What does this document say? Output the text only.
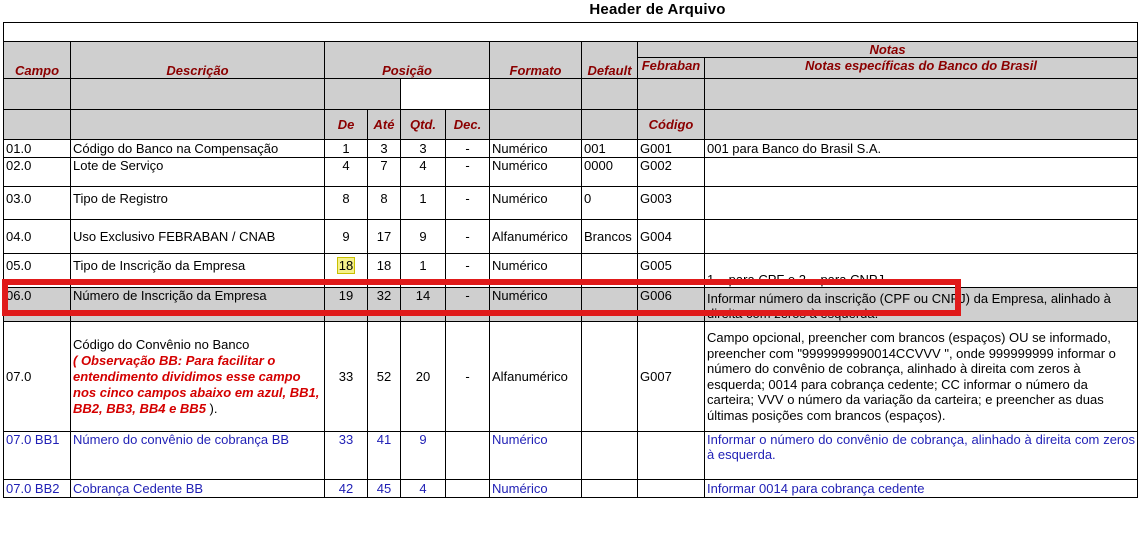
Header de Arquivo

Campo	Descrição	Posição				Formato	Default	Notas	
								Febraban	Notas específicas do Banco do Brasil

		De	Até	Qtd.	Dec.			Código	
01.0	Código do Banco na Compensação	1	3	3	-	Numérico	001	G001	001 para Banco do Brasil S.A.
02.0	Lote de Serviço	4	7	4	-	Numérico	0000	G002	
03.0	Tipo de Registro	8	8	1	-	Numérico	0	G003	
04.0	Uso Exclusivo FEBRABAN / CNAB	9	17	9	-	Alfanumérico	Brancos	G004	
05.0	Tipo de Inscrição da Empresa	18	18	1	-	Numérico		G005	1 – para CPF e 2 – para CNPJ.
06.0	Número de Inscrição da Empresa	19	32	14	-	Numérico		G006	Informar número da inscrição (CPF ou CNPJ) da Empresa, alinhado à direita com zeros à esquerda.
07.0	Código do Convênio no Banco
( Observação BB: Para facilitar o entendimento dividimos esse campo nos cinco campos abaixo em azul, BB1, BB2, BB3, BB4 e BB5 ).	33	52	20	-	Alfanumérico		G007	Campo opcional, preencher com brancos (espaços) OU se informado, preencher com "9999999990014CCVVV ", onde 999999999 informar o número do convênio de cobrança, alinhado à direita com zeros à esquerda; 0014 para cobrança cedente; CC informar o número da carteira; VVV o número da variação da carteira; e preencher as duas últimas posições com brancos (espaços).
07.0 BB1	Número do convênio de cobrança BB	33	41	9		Numérico			Informar o número do convênio de cobrança, alinhado à direita com zeros à esquerda.
07.0 BB2	Cobrança Cedente BB	42	45	4		Numérico			Informar 0014 para cobrança cedente
